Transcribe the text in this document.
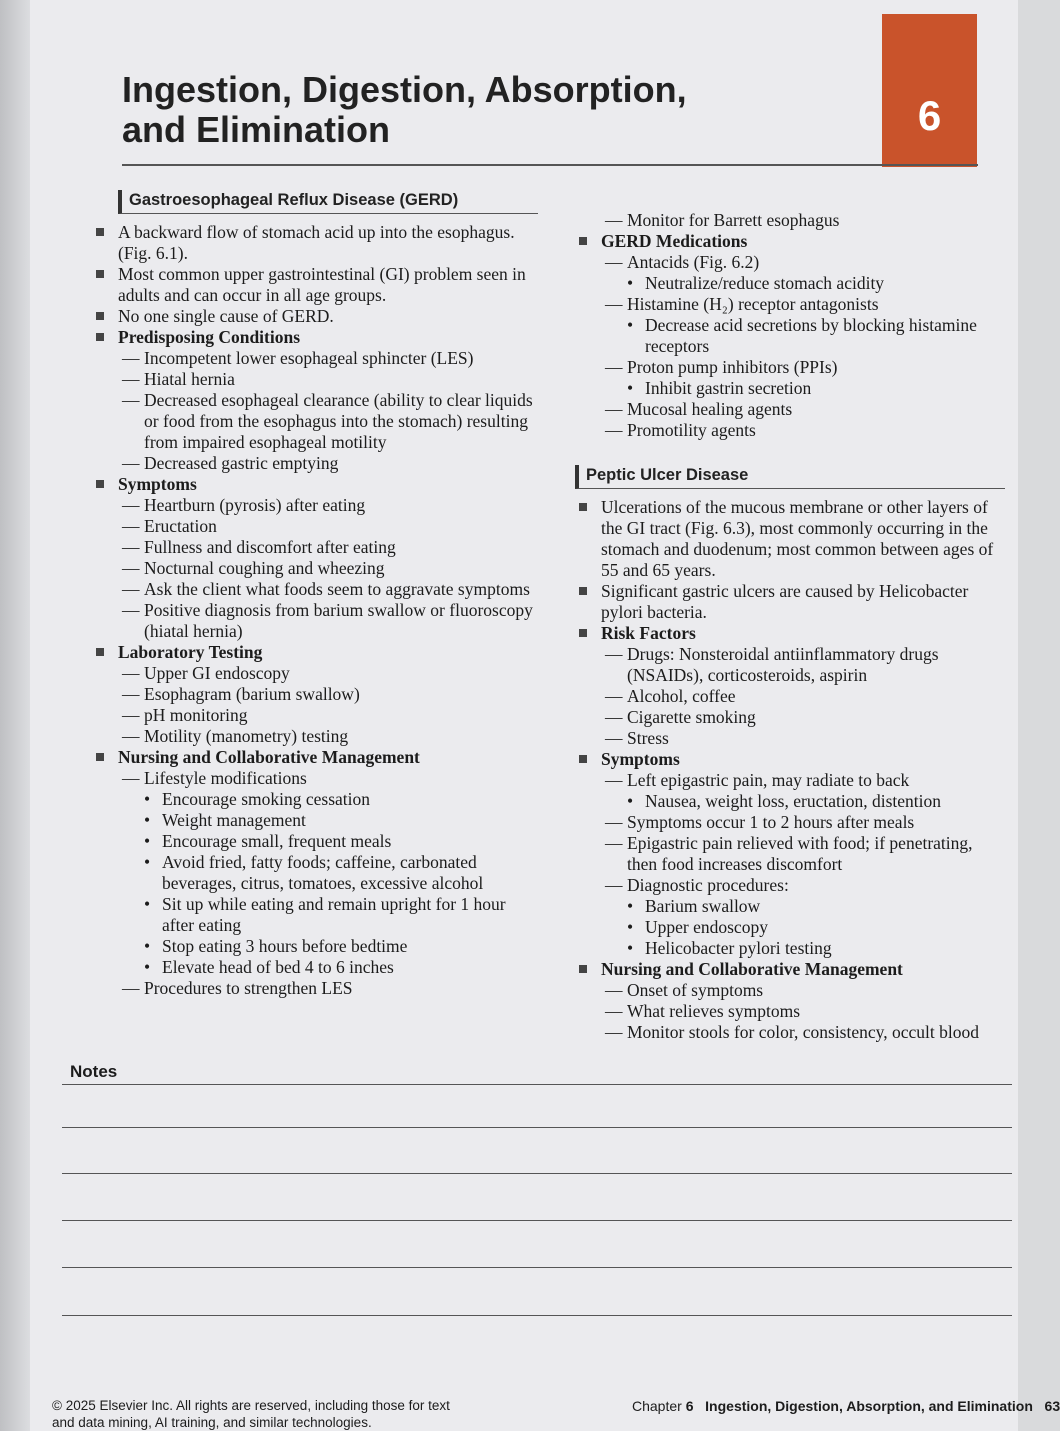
6
Ingestion, Digestion, Absorption,
and Elimination
Gastroesophageal Reflux Disease (GERD)
A backward flow of stomach acid up into the esophagus. (Fig. 6.1).
Most common upper gastrointestinal (GI) problem seen in adults and can occur in all age groups.
No one single cause of GERD.
Predisposing Conditions
— Incompetent lower esophageal sphincter (LES)
— Hiatal hernia
— Decreased esophageal clearance (ability to clear liquids or food from the esophagus into the stomach) resulting from impaired esophageal motility
— Decreased gastric emptying
Symptoms
— Heartburn (pyrosis) after eating
— Eructation
— Fullness and discomfort after eating
— Nocturnal coughing and wheezing
— Ask the client what foods seem to aggravate symptoms
— Positive diagnosis from barium swallow or fluoroscopy (hiatal hernia)
Laboratory Testing
— Upper GI endoscopy
— Esophagram (barium swallow)
— pH monitoring
— Motility (manometry) testing
Nursing and Collaborative Management
— Lifestyle modifications
• Encourage smoking cessation
• Weight management
• Encourage small, frequent meals
• Avoid fried, fatty foods; caffeine, carbonated beverages, citrus, tomatoes, excessive alcohol
• Sit up while eating and remain upright for 1 hour after eating
• Stop eating 3 hours before bedtime
• Elevate head of bed 4 to 6 inches
— Procedures to strengthen LES
— Monitor for Barrett esophagus
GERD Medications
— Antacids (Fig. 6.2)
• Neutralize/reduce stomach acidity
— Histamine (H₂) receptor antagonists
• Decrease acid secretions by blocking histamine receptors
— Proton pump inhibitors (PPIs)
• Inhibit gastrin secretion
— Mucosal healing agents
— Promotility agents
Peptic Ulcer Disease
Ulcerations of the mucous membrane or other layers of the GI tract (Fig. 6.3), most commonly occurring in the stomach and duodenum; most common between ages of 55 and 65 years.
Significant gastric ulcers are caused by Helicobacter pylori bacteria.
Risk Factors
— Drugs: Nonsteroidal antiinflammatory drugs (NSAIDs), corticosteroids, aspirin
— Alcohol, coffee
— Cigarette smoking
— Stress
Symptoms
— Left epigastric pain, may radiate to back
• Nausea, weight loss, eructation, distention
— Symptoms occur 1 to 2 hours after meals
— Epigastric pain relieved with food; if penetrating, then food increases discomfort
— Diagnostic procedures:
• Barium swallow
• Upper endoscopy
• Helicobacter pylori testing
Nursing and Collaborative Management
— Onset of symptoms
— What relieves symptoms
— Monitor stools for color, consistency, occult blood
Notes
© 2025 Elsevier Inc. All rights are reserved, including those for text and data mining, AI training, and similar technologies.
Chapter 6 Ingestion, Digestion, Absorption, and Elimination 63
